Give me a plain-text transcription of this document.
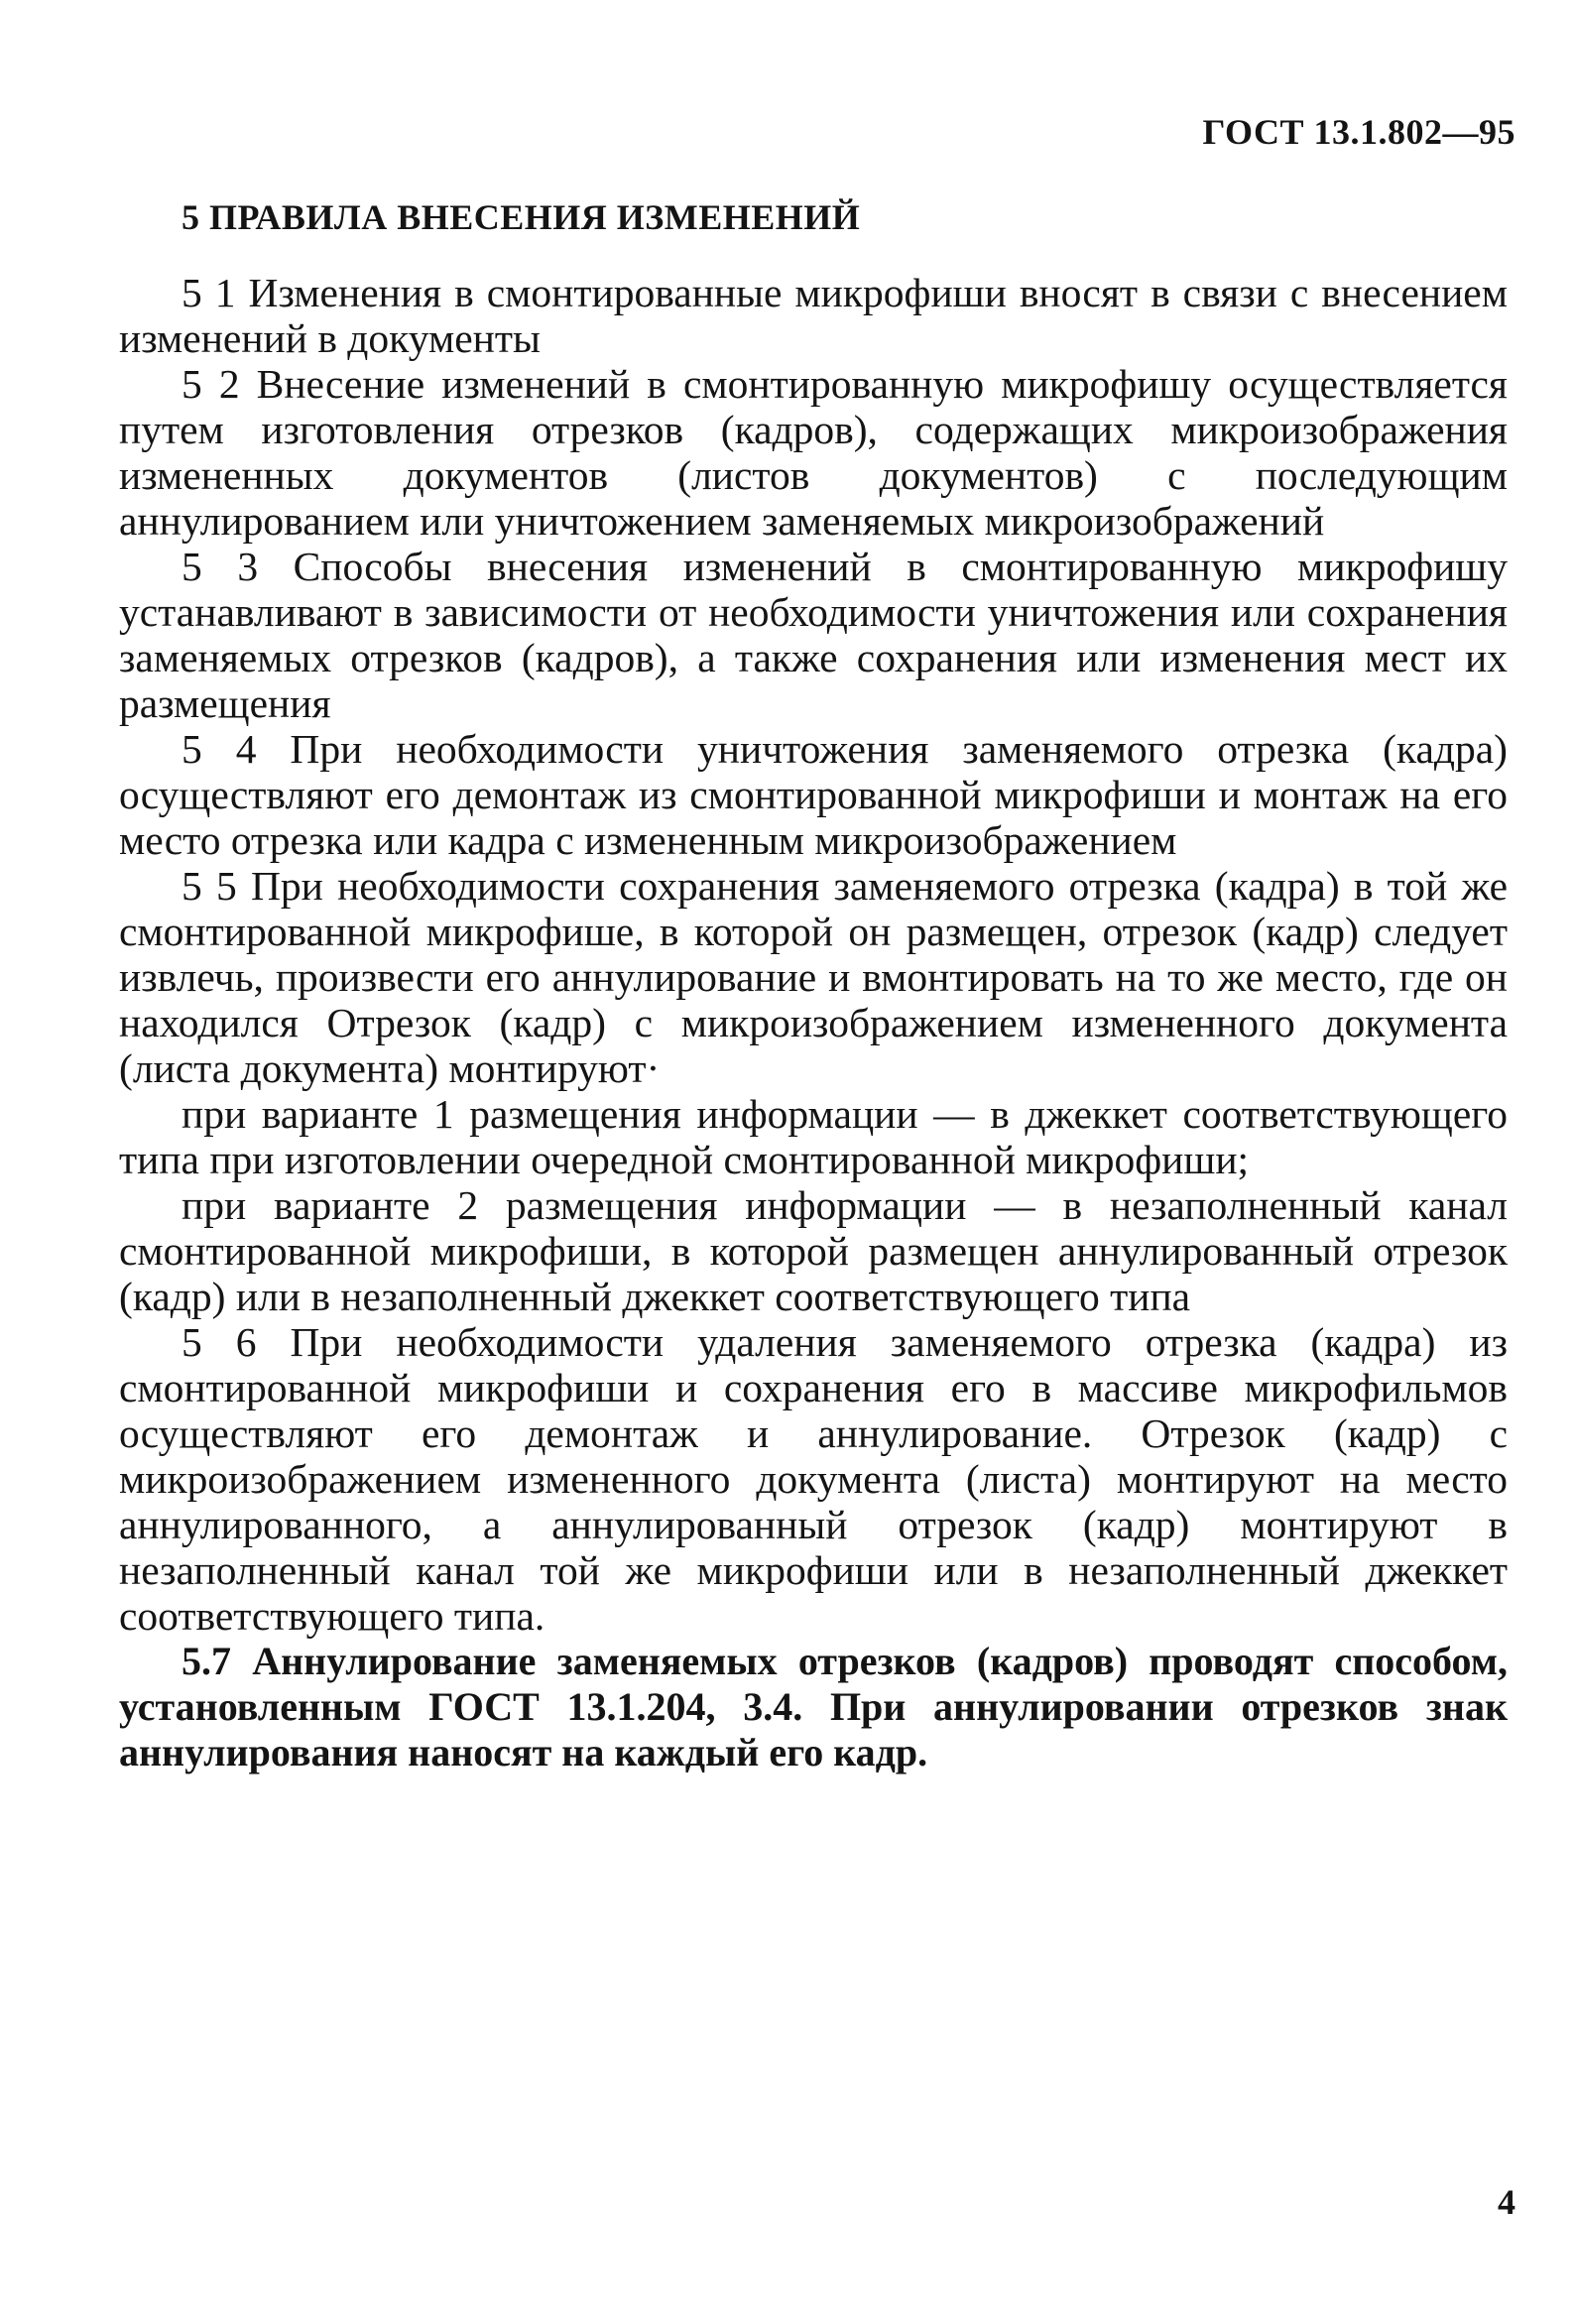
ГОСТ 13.1.802—95
5 ПРАВИЛА ВНЕСЕНИЯ ИЗМЕНЕНИЙ

5 1 Изменения в смонтированные микрофиши вносят в связи с внесением изменений в документы

5 2 Внесение изменений в смонтированную микрофишу осуществляется путем изготовления отрезков (кадров), содержащих микроизображения измененных документов (листов документов) с последующим аннулированием или уничтожением заменяемых микроизображений

5 3 Способы внесения изменений в смонтированную микрофишу устанавливают в зависимости от необходимости уничтожения или сохранения заменяемых отрезков (кадров), а также сохранения или изменения мест их размещения

5 4 При необходимости уничтожения заменяемого отрезка (кадра) осуществляют его демонтаж из смонтированной микрофиши и монтаж на его место отрезка или кадра с измененным микроизображением

5 5 При необходимости сохранения заменяемого отрезка (кадра) в той же смонтированной микрофише, в которой он размещен, отрезок (кадр) следует извлечь, произвести его аннулирование и вмонтировать на то же место, где он находился Отрезок (кадр) с микроизображением измененного документа (листа документа) монтируют·

при варианте 1 размещения информации — в джеккет соответствующего типа при изготовлении очередной смонтированной микрофиши;

при варианте 2 размещения информации — в незаполненный канал смонтированной микрофиши, в которой размещен аннулированный отрезок (кадр) или в незаполненный джеккет соответствующего типа

5 6 При необходимости удаления заменяемого отрезка (кадра) из смонтированной микрофиши и сохранения его в массиве микрофильмов осуществляют его демонтаж и аннулирование. Отрезок (кадр) с микроизображением измененного документа (листа) монтируют на место аннулированного, а аннулированный отрезок (кадр) монтируют в незаполненный канал той же микрофиши или в незаполненный джеккет соответствующего типа.

5.7 Аннулирование заменяемых отрезков (кадров) проводят способом, установленным ГОСТ 13.1.204, 3.4. При аннулировании отрезков знак аннулирования наносят на каждый его кадр.

4
